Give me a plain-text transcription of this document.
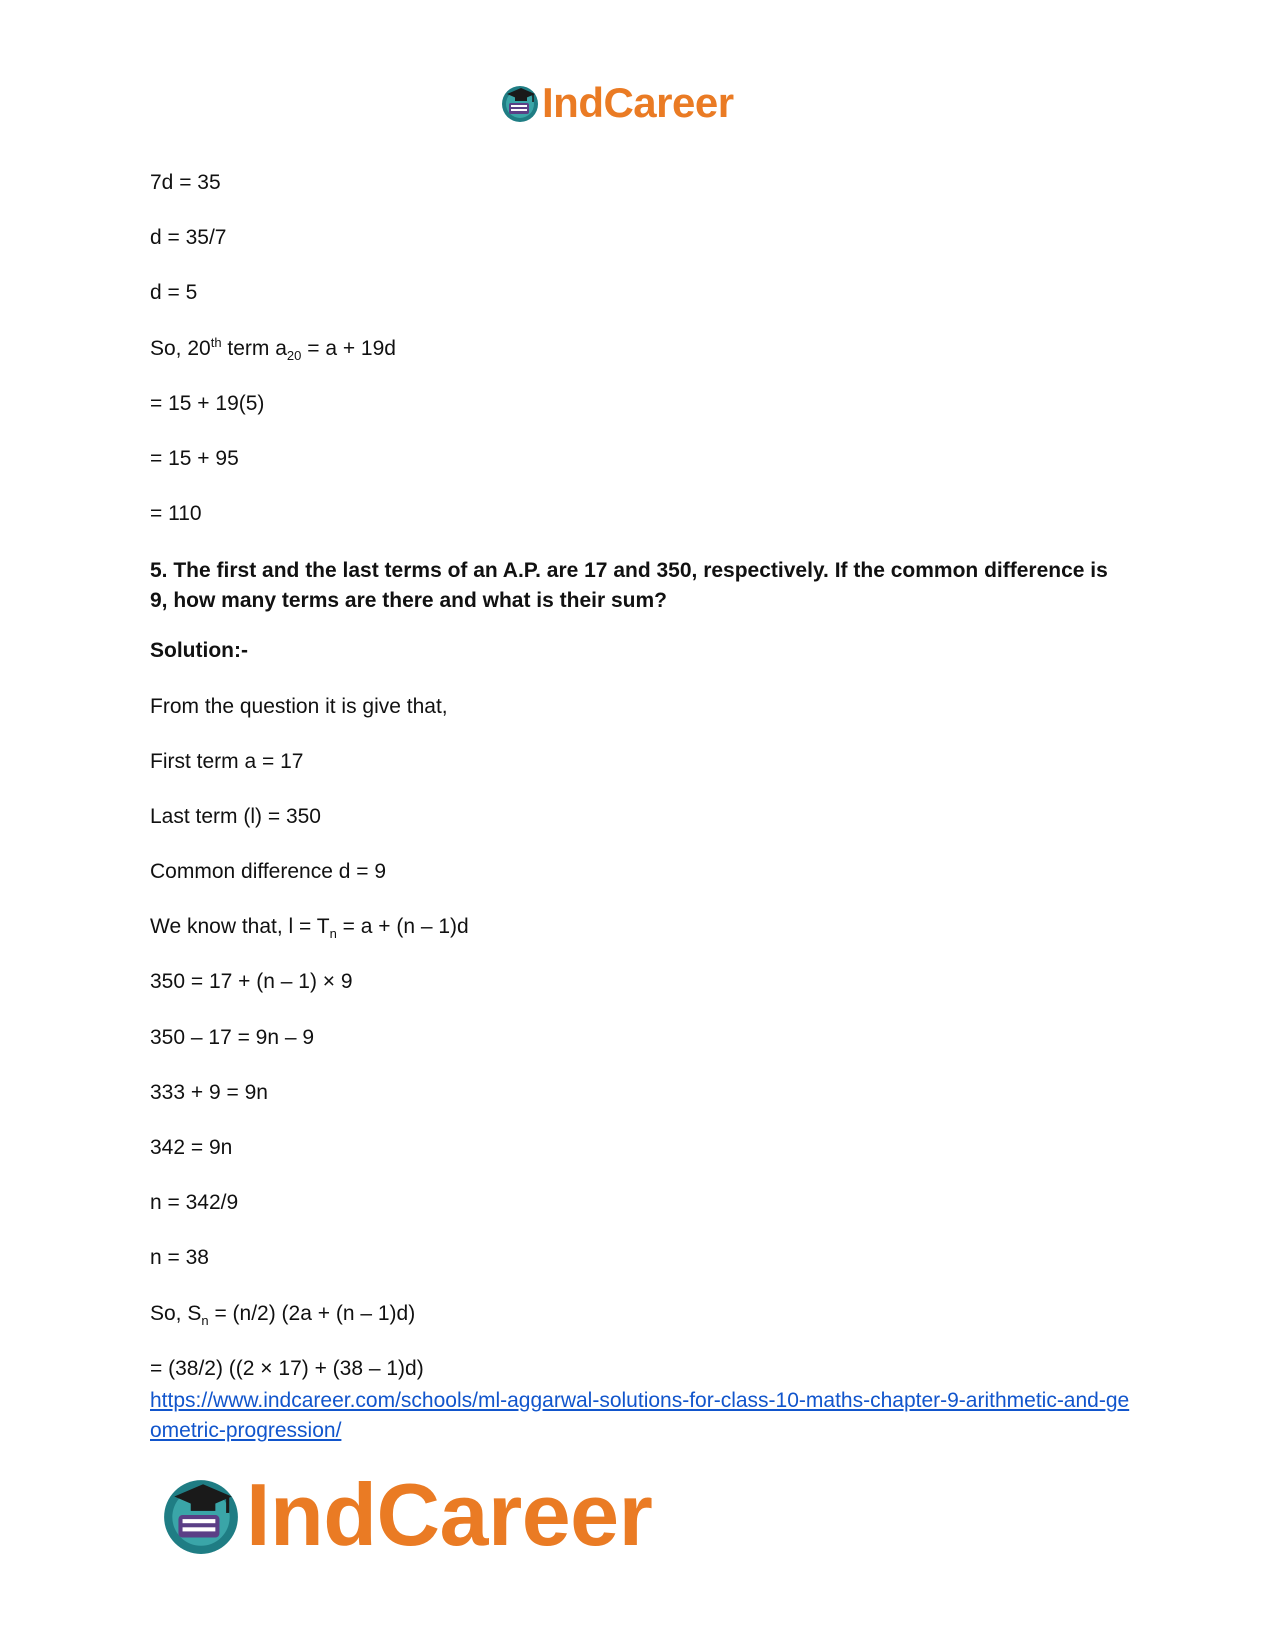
IndCareer
7d = 35
d = 35/7
d = 5
So, 20th term $a_{20} = a + 19d$
= 15 + 19(5)
= 15 + 95
= 110
5. The first and the last terms of an A.P. are 17 and 350, respectively. If the common difference is 9, how many terms are there and what is their sum?
Solution:-
From the question it is give that,
First term a = 17
Last term (l) = 350
Common difference d = 9
We know that, $l = T_n = a + (n - 1)d$
350 = 17 + (n – 1) × 9
350 – 17 = 9n – 9
333 + 9 = 9n
342 = 9n
n = 342/9
n = 38
So, $S_n = (n/2) (2a + (n - 1)d)$
= (38/2) ((2 × 17) + (38 – 1)d)
https://www.indcareer.com/schools/ml-aggarwal-solutions-for-class-10-maths-chapter-9-arithmetic-and-geometric-progression/
IndCareer
